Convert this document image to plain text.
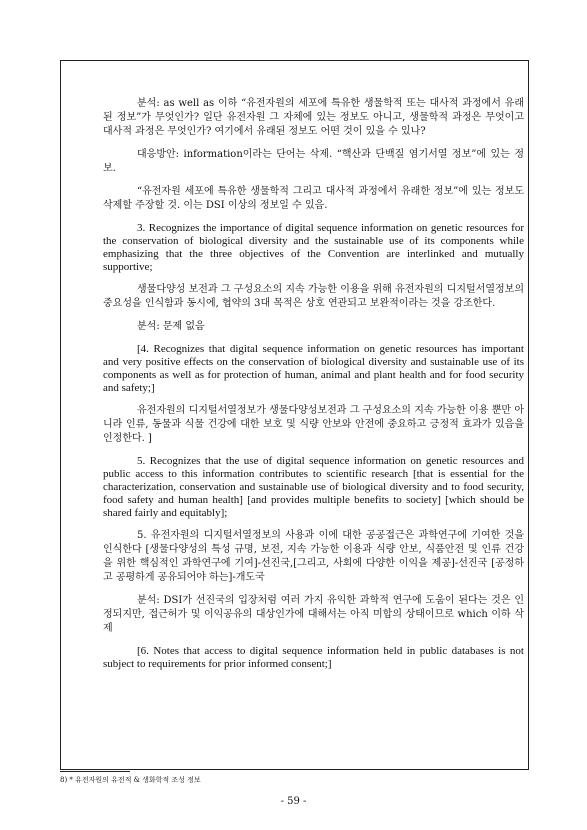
분석: as well as 이하 “유전자원의 세포에 특유한 생물학적 또는 대사적 과정에서 유래된 정보”가 무엇인가? 일단 유전자원 그 자체에 있는 정보도 아니고, 생물학적 과정은 무엇이고 대사적 과정은 무엇인가? 여기에서 유래된 정보도 어떤 것이 있을 수 있나?

대응방안: information이라는 단어는 삭제. “핵산과 단백질 염기서열 정보”에 있는 정보.

“유전자원 세포에 특유한 생물학적 그리고 대사적 과정에서 유래한 정보”에 있는 정보도 삭제할 주장할 것. 이는 DSI 이상의 정보일 수 있음.

3. Recognizes the importance of digital sequence information on genetic resources for the conservation of biological diversity and the sustainable use of its components while emphasizing that the three objectives of the Convention are interlinked and mutually supportive;

생물다양성 보전과 그 구성요소의 지속 가능한 이용을 위해 유전자원의 디지털서열정보의 중요성을 인식함과 동시에, 협약의 3대 목적은 상호 연관되고 보완적이라는 것을 강조한다.

분석: 문제 없음

[4. Recognizes that digital sequence information on genetic resources has important and very positive effects on the conservation of biological diversity and sustainable use of its components as well as for protection of human, animal and plant health and for food security and safety;]

유전자원의 디지털서열정보가 생물다양성보전과 그 구성요소의 지속 가능한 이용 뿐만 아니라 인류, 동물과 식물 건강에 대한 보호 및 식량 안보와 안전에 중요하고 긍정적 효과가 있음을 인정한다. ]

5. Recognizes that the use of digital sequence information on genetic resources and public access to this information contributes to scientific research [that is essential for the characterization, conservation and sustainable use of biological diversity and to food security, food safety and human health] [and provides multiple benefits to society] [which should be shared fairly and equitably];

5. 유전자원의 디지털서열정보의 사용과 이에 대한 공공접근은 과학연구에 기여한 것을 인식한다 [생물다양성의 특성 규명, 보전, 지속 가능한 이용과 식량 안보, 식품안전 및 인류 건강을 위한 핵심적인 과학연구에 기여]-선진국,[그리고, 사회에 다양한 이익을 제공]-선진국 [공정하고 공평하게 공유되어야 하는]-개도국

분석: DSI가 선진국의 입장처럼 여러 가지 유익한 과학적 연구에 도움이 된다는 것은 인정되지만, 접근허가 및 이익공유의 대상인가에 대해서는 아직 미합의 상태이므로 which 이하 삭제

[6. Notes that access to digital sequence information held in public databases is not subject to requirements for prior informed consent;]

8) * 유전자원의 유전적 & 생화학적 조성 정보
- 59 -
